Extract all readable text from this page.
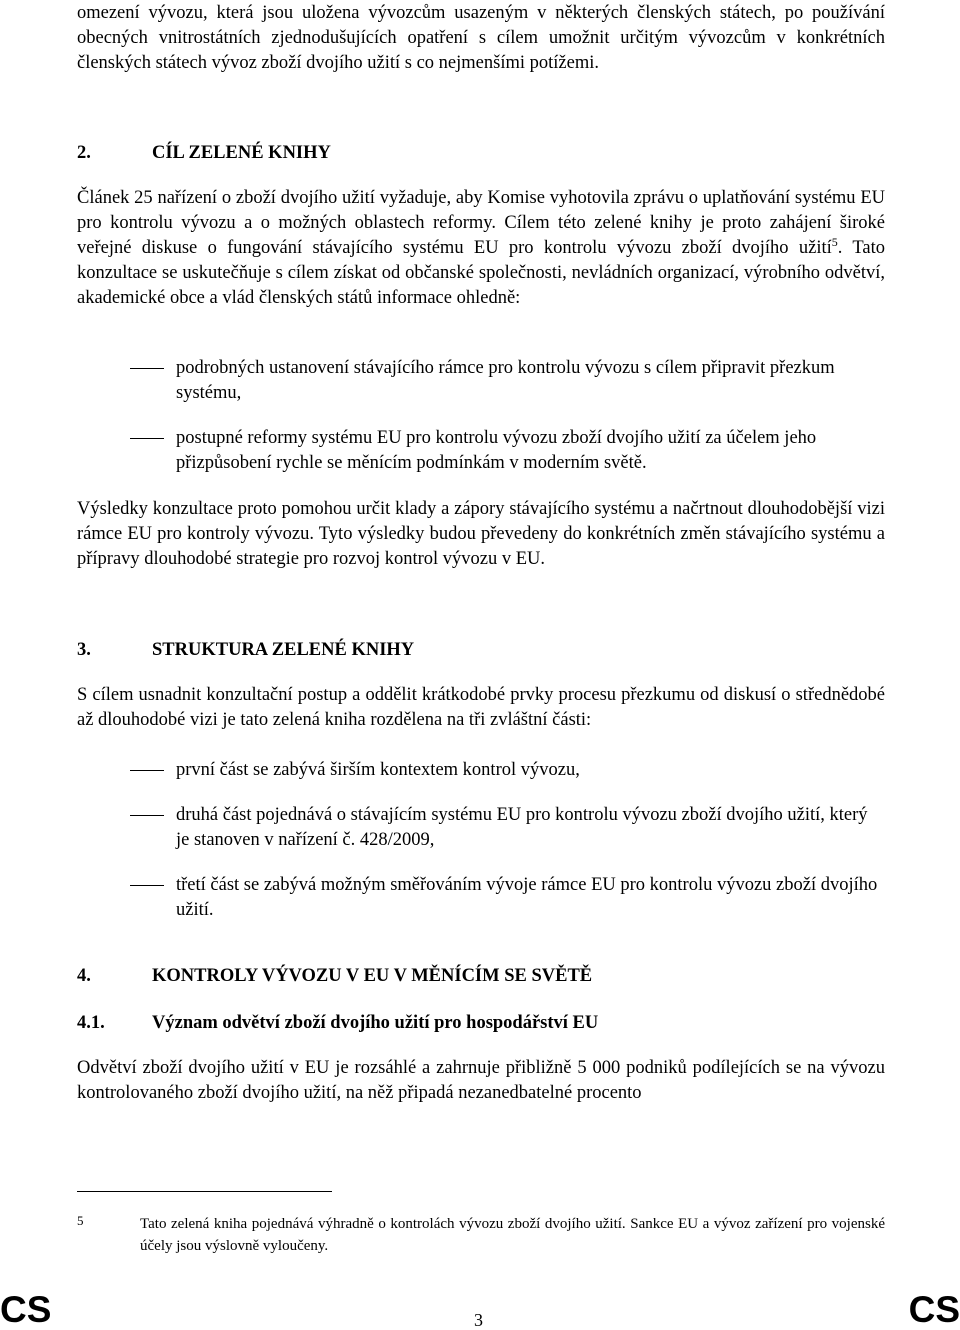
omezení vývozu, která jsou uložena vývozcům usazeným v některých členských státech, po používání obecných vnitrostátních zjednodušujících opatření s cílem umožnit určitým vývozcům v konkrétních členských státech vývoz zboží dvojího užití s co nejmenšími potížemi.

2.	CÍL ZELENÉ KNIHY

Článek 25 nařízení o zboží dvojího užití vyžaduje, aby Komise vyhotovila zprávu o uplatňování systému EU pro kontrolu vývozu a o možných oblastech reformy. Cílem této zelené knihy je proto zahájení široké veřejné diskuse o fungování stávajícího systému EU pro kontrolu vývozu zboží dvojího užití$^5$. Tato konzultace se uskutečňuje s cílem získat od občanské společnosti, nevládních organizací, výrobního odvětví, akademické obce a vlád členských států informace ohledně:

podrobných ustanovení stávajícího rámce pro kontrolu vývozu s cílem připravit přezkum systému,

postupné reformy systému EU pro kontrolu vývozu zboží dvojího užití za účelem jeho přizpůsobení rychle se měnícím podmínkám v moderním světě.

Výsledky konzultace proto pomohou určit klady a zápory stávajícího systému a načrtnout dlouhodobější vizi rámce EU pro kontroly vývozu. Tyto výsledky budou převedeny do konkrétních změn stávajícího systému a přípravy dlouhodobé strategie pro rozvoj kontrol vývozu v EU.

3.	STRUKTURA ZELENÉ KNIHY

S cílem usnadnit konzultační postup a oddělit krátkodobé prvky procesu přezkumu od diskusí o střednědobé až dlouhodobé vizi je tato zelená kniha rozdělena na tři zvláštní části:

první část se zabývá širším kontextem kontrol vývozu,

druhá část pojednává o stávajícím systému EU pro kontrolu vývozu zboží dvojího užití, který je stanoven v nařízení č. 428/2009,

třetí část se zabývá možným směřováním vývoje rámce EU pro kontrolu vývozu zboží dvojího užití.

4.	KONTROLY VÝVOZU V EU V MĚNÍCÍM SE SVĚTĚ
4.1.	Význam odvětví zboží dvojího užití pro hospodářství EU

Odvětví zboží dvojího užití v EU je rozsáhlé a zahrnuje přibližně 5 000 podniků podílejících se na vývozu kontrolovaného zboží dvojího užití, na něž připadá nezanedbatelné procento

5	Tato zelená kniha pojednává výhradně o kontrolách vývozu zboží dvojího užití. Sankce EU a vývoz zařízení pro vojenské účely jsou výslovně vyloučeny.
CS	3	CS
